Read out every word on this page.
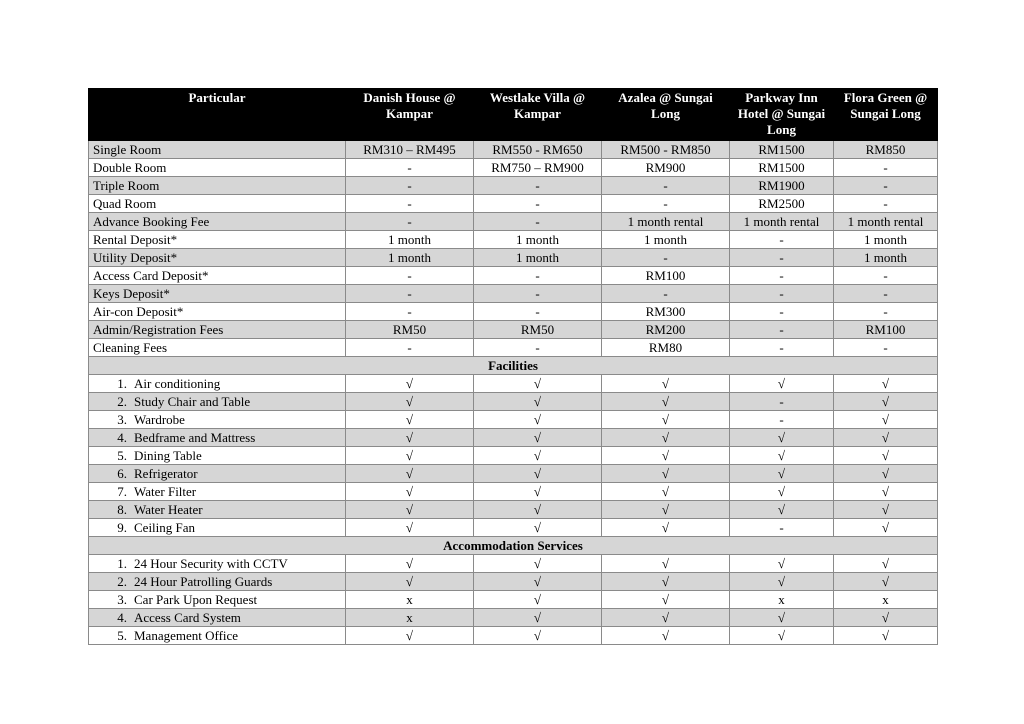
Particular	Danish House @ Kampar	Westlake Villa @ Kampar	Azalea @ Sungai Long	Parkway Inn Hotel @ Sungai Long	Flora Green @ Sungai Long
Single Room	RM310 – RM495	RM550 - RM650	RM500 - RM850	RM1500	RM850
Double Room	-	RM750 – RM900	RM900	RM1500	-
Triple Room	-	-	-	RM1900	-
Quad Room	-	-	-	RM2500	-
Advance Booking Fee	-	-	1 month rental	1 month rental	1 month rental
Rental Deposit*	1 month	1 month	1 month	-	1 month
Utility Deposit*	1 month	1 month	-	-	1 month
Access Card Deposit*	-	-	RM100	-	-
Keys Deposit*	-	-	-	-	-
Air-con Deposit*	-	-	RM300	-	-
Admin/Registration Fees	RM50	RM50	RM200	-	RM100
Cleaning Fees	-	-	RM80	-	-
Facilities					
1. Air conditioning	√	√	√	√	√
2. Study Chair and Table	√	√	√	-	√
3. Wardrobe	√	√	√	-	√
4. Bedframe and Mattress	√	√	√	√	√
5. Dining Table	√	√	√	√	√
6. Refrigerator	√	√	√	√	√
7. Water Filter	√	√	√	√	√
8. Water Heater	√	√	√	√	√
9. Ceiling Fan	√	√	√	-	√
Accommodation Services					
1. 24 Hour Security with CCTV	√	√	√	√	√
2. 24 Hour Patrolling Guards	√	√	√	√	√
3. Car Park Upon Request	x	√	√	x	x
4. Access Card System	x	√	√	√	√
5. Management Office	√	√	√	√	√
